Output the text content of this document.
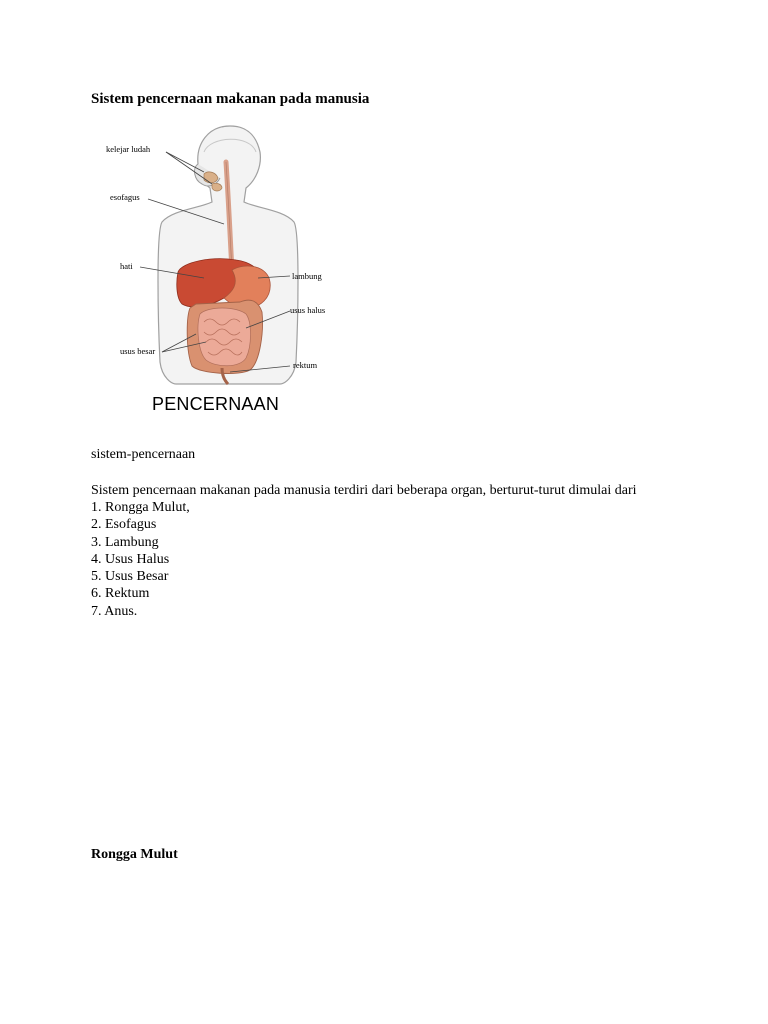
Sistem pencernaan makanan pada manusia
kelejar ludah
esofagus
hati
lambung
usus halus
usus besar
rektum
PENCERNAAN
sistem-pencernaan
Sistem pencernaan makanan pada manusia terdiri dari beberapa organ, berturut-turut dimulai dari
1. Rongga Mulut,
2. Esofagus
3. Lambung
4. Usus Halus
5. Usus Besar
6. Rektum
7. Anus.
Rongga Mulut
